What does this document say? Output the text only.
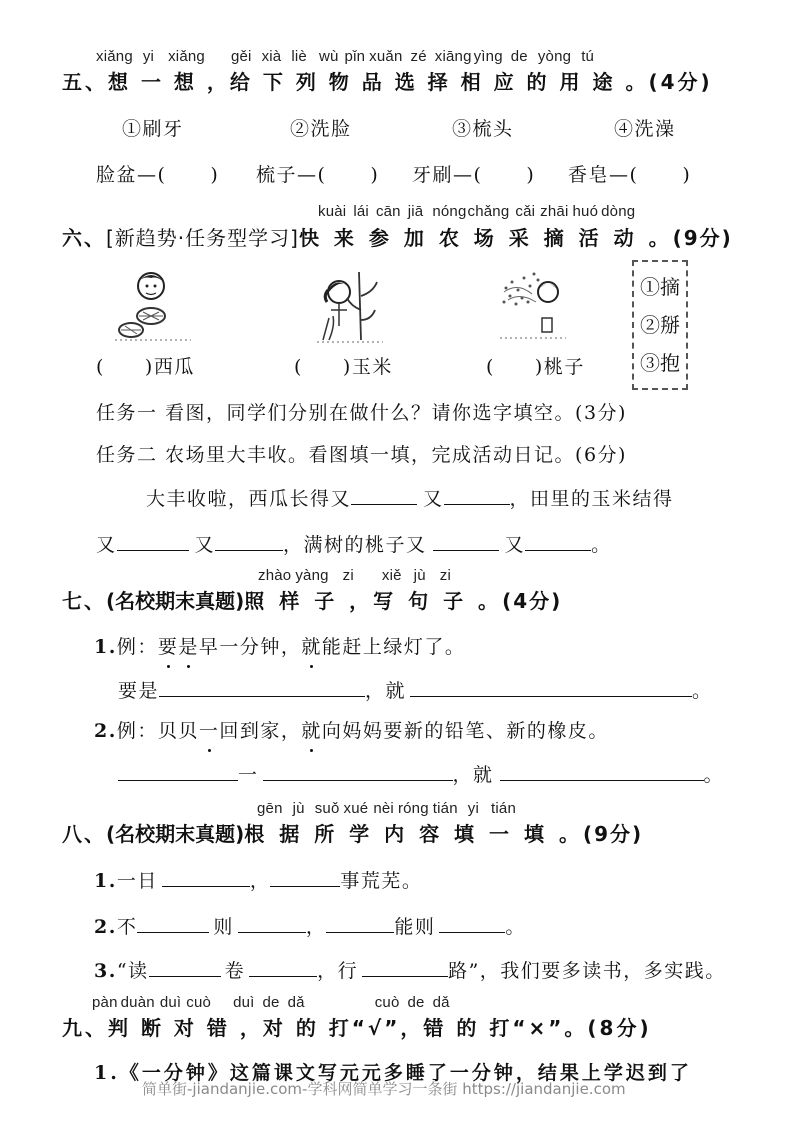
xiǎng yi xiǎng gěi xià liè wù pǐn xuǎn zé xiāng yìng de yòng tú
五、想 一 想 ，给 下 列 物 品 选 择 相 应 的 用 途 。(4分)
①刷牙	②洗脸	③梳头	④洗澡
脸盆—( ) 梳子—( ) 牙刷—( ) 香皂—( )
kuài lái cān jiā nóngchǎng cǎi zhāi huó dòng
六、[新趋势·任务型学习]快 来 参 加 农 场 采 摘 活 动 。(9分)
( )西瓜	( )玉米	( )桃子
①摘
②掰
③抱
任务一 看图，同学们分别在做什么？请你选字填空。(3分)
任务二 农场里大丰收。看图填一填，完成活动日记。(6分)
大丰收啦，西瓜长得又	又	，田里的玉米结得
又	又	，满树的桃子又	又	。
zhào yàng zi xiě jù zi
七、(名校期末真题)照 样 子 ，写 句 子 。(4分)
1.例：要是早一分钟，就能赶上绿灯了。
要是	，就	。
2.例：贝贝一回到家，就向妈妈要新的铅笔、新的橡皮。
一	，就	。
gēn jù suǒ xué nèi róng tián yi tián
八、(名校期末真题)根 据 所 学 内 容 填 一 填 。(9分)
1.一日	，	事荒芜。
2.不	则	，	能则	。
3.“读	卷	，行	路”，我们要多读书，多实践。
pàn duàn duì cuò duì de dǎ	cuò de dǎ
九、判 断 对 错 ，对 的 打“√”，错 的 打“×”。(8分)
1.《一分钟》这篇课文写元元多睡了一分钟，结果上学迟到了
简单街-jiandanjie.com-学科网简单学习一条街 https://jiandanjie.com
